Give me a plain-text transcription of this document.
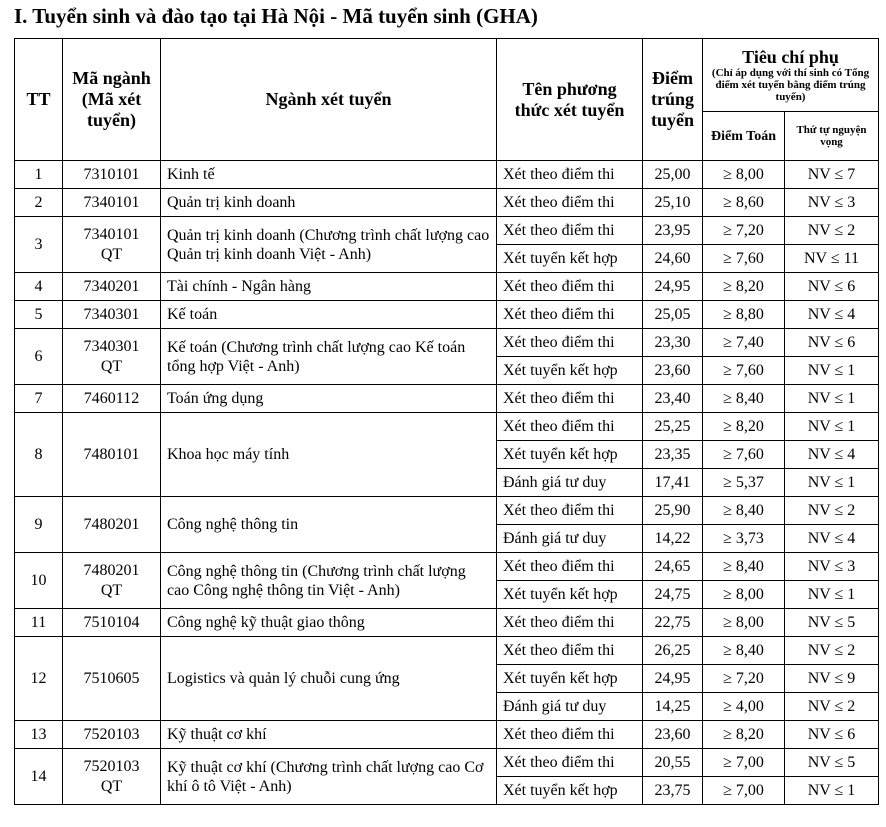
I. Tuyển sinh và đào tạo tại Hà Nội - Mã tuyển sinh (GHA)
TT	Mã ngành (Mã xét tuyển)	Ngành xét tuyển	Tên phương thức xét tuyển	Điểm trúng tuyển	Tiêu chí phụ
(Chỉ áp dụng với thí sinh có Tổng điểm xét tuyển bằng điểm trúng tuyển)	

					Điểm Toán	Thứ tự nguyện vọng
1	7310101	Kinh tế	Xét theo điểm thi	25,00	≥ 8,00	NV ≤ 7
2	7340101	Quản trị kinh doanh	Xét theo điểm thi	25,10	≥ 8,60	NV ≤ 3
3	7340101 QT	Quản trị kinh doanh (Chương trình chất lượng cao Quản trị kinh doanh Việt - Anh)	Xét theo điểm thi	23,95	≥ 7,20	NV ≤ 2
			Xét tuyển kết hợp	24,60	≥ 7,60	NV ≤ 11
4	7340201	Tài chính - Ngân hàng	Xét theo điểm thi	24,95	≥ 8,20	NV ≤ 6
5	7340301	Kế toán	Xét theo điểm thi	25,05	≥ 8,80	NV ≤ 4
6	7340301 QT	Kế toán (Chương trình chất lượng cao Kế toán tổng hợp Việt - Anh)	Xét theo điểm thi	23,30	≥ 7,40	NV ≤ 6
			Xét tuyển kết hợp	23,60	≥ 7,60	NV ≤ 1
7	7460112	Toán ứng dụng	Xét theo điểm thi	23,40	≥ 8,40	NV ≤ 1
8	7480101	Khoa học máy tính	Xét theo điểm thi	25,25	≥ 8,20	NV ≤ 1
			Xét tuyển kết hợp	23,35	≥ 7,60	NV ≤ 4
			Đánh giá tư duy	17,41	≥ 5,37	NV ≤ 1
9	7480201	Công nghệ thông tin	Xét theo điểm thi	25,90	≥ 8,40	NV ≤ 2
			Đánh giá tư duy	14,22	≥ 3,73	NV ≤ 4
10	7480201 QT	Công nghệ thông tin (Chương trình chất lượng cao Công nghệ thông tin Việt - Anh)	Xét theo điểm thi	24,65	≥ 8,40	NV ≤ 3
			Xét tuyển kết hợp	24,75	≥ 8,00	NV ≤ 1
11	7510104	Công nghệ kỹ thuật giao thông	Xét theo điểm thi	22,75	≥ 8,00	NV ≤ 5
12	7510605	Logistics và quản lý chuỗi cung ứng	Xét theo điểm thi	26,25	≥ 8,40	NV ≤ 2
			Xét tuyển kết hợp	24,95	≥ 7,20	NV ≤ 9
			Đánh giá tư duy	14,25	≥ 4,00	NV ≤ 2
13	7520103	Kỹ thuật cơ khí	Xét theo điểm thi	23,60	≥ 8,20	NV ≤ 6
14	7520103 QT	Kỹ thuật cơ khí (Chương trình chất lượng cao Cơ khí ô tô Việt - Anh)	Xét theo điểm thi	20,55	≥ 7,00	NV ≤ 5
			Xét tuyển kết hợp	23,75	≥ 7,00	NV ≤ 1
